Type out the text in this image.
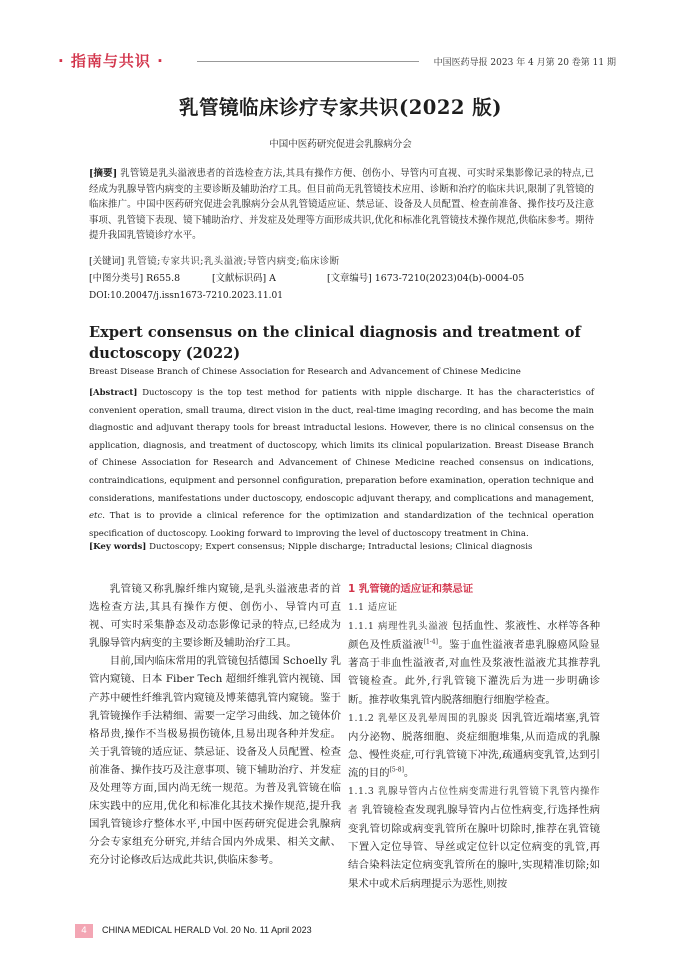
· 指南与共识 ·	中国医药导报 2023 年 4 月第 20 卷第 11 期
乳管镜临床诊疗专家共识(2022 版)
中国中医药研究促进会乳腺病分会
[摘要] 乳管镜是乳头溢液患者的首选检查方法,其具有操作方便、创伤小、导管内可直视、可实时采集影像记录的特点,已经成为乳腺导管内病变的主要诊断及辅助治疗工具。但目前尚无乳管镜技术应用、诊断和治疗的临床共识,限制了乳管镜的临床推广。中国中医药研究促进会乳腺病分会从乳管镜适应证、禁忌证、设备及人员配置、检查前准备、操作技巧及注意事项、乳管镜下表现、镜下辅助治疗、并发症及处理等方面形成共识,优化和标准化乳管镜技术操作规范,供临床参考。期待提升我国乳管镜诊疗水平。
[关键词] 乳管镜;专家共识;乳头溢液;导管内病变;临床诊断
[中图分类号] R655.8	[文献标识码] A	[文章编号] 1673-7210(2023)04(b)-0004-05
DOI:10.20047/j.issn1673-7210.2023.11.01
Expert consensus on the clinical diagnosis and treatment of ductoscopy (2022)
Breast Disease Branch of Chinese Association for Research and Advancement of Chinese Medicine
[Abstract] Ductoscopy is the top test method for patients with nipple discharge. It has the characteristics of convenient operation, small trauma, direct vision in the duct, real-time imaging recording, and has become the main diagnostic and adjuvant therapy tools for breast intraductal lesions. However, there is no clinical consensus on the application, diagnosis, and treatment of ductoscopy, which limits its clinical popularization. Breast Disease Branch of Chinese Association for Research and Advancement of Chinese Medicine reached consensus on indications, contraindications, equipment and personnel configuration, preparation before examination, operation technique and considerations, manifestations under ductoscopy, endoscopic adjuvant therapy, and complications and management, etc. That is to provide a clinical reference for the optimization and standardization of the technical operation specification of ductoscopy. Looking forward to improving the level of ductoscopy treatment in China.
[Key words] Ductoscopy; Expert consensus; Nipple discharge; Intraductal lesions; Clinical diagnosis

乳管镜又称乳腺纤维内窥镜,是乳头溢液患者的首选检查方法,其具有操作方便、创伤小、导管内可直视、可实时采集静态及动态影像记录的特点,已经成为乳腺导管内病变的主要诊断及辅助治疗工具。

目前,国内临床常用的乳管镜包括德国 Schoelly 乳管内窥镜、日本 Fiber Tech 超细纤维乳管内视镜、国产苏中硬性纤维乳管内窥镜及博莱德乳管内窥镜。鉴于乳管镜操作手法精细、需要一定学习曲线、加之镜体价格昂贵,操作不当极易损伤镜体,且易出现各种并发症。关于乳管镜的适应证、禁忌证、设备及人员配置、检查前准备、操作技巧及注意事项、镜下辅助治疗、并发症及处理等方面,国内尚无统一规范。为普及乳管镜在临床实践中的应用,优化和标准化其技术操作规范,提升我国乳管镜诊疗整体水平,中国中医药研究促进会乳腺病分会专家组充分研究,并结合国内外成果、相关文献、充分讨论修改后达成此共识,供临床参考。

1 乳管镜的适应证和禁忌证

1.1 适应证

1.1.1 病理性乳头溢液 包括血性、浆液性、水样等各种颜色及性质溢液[1-4]。鉴于血性溢液者患乳腺癌风险显著高于非血性溢液者,对血性及浆液性溢液尤其推荐乳管镜检查。此外,行乳管镜下灌洗后为进一步明确诊断。推荐收集乳管内脱落细胞行细胞学检查。

1.1.2 乳晕区及乳晕周围的乳腺炎 因乳管近端堵塞,乳管内分泌物、脱落细胞、炎症细胞堆集,从而造成的乳腺急、慢性炎症,可行乳管镜下冲洗,疏通病变乳管,达到引流的目的[5-8]。

1.1.3 乳腺导管内占位性病变需进行乳管镜下乳管内操作者 乳管镜检查发现乳腺导管内占位性病变,行选择性病变乳管切除或病变乳管所在腺叶切除时,推荐在乳管镜下置入定位导管、导丝或定位针以定位病变的乳管,再结合染料法定位病变乳管所在的腺叶,实现精准切除;如果术中或术后病理提示为恶性,则按

4	CHINA MEDICAL HERALD Vol. 20 No. 11 April 2023
